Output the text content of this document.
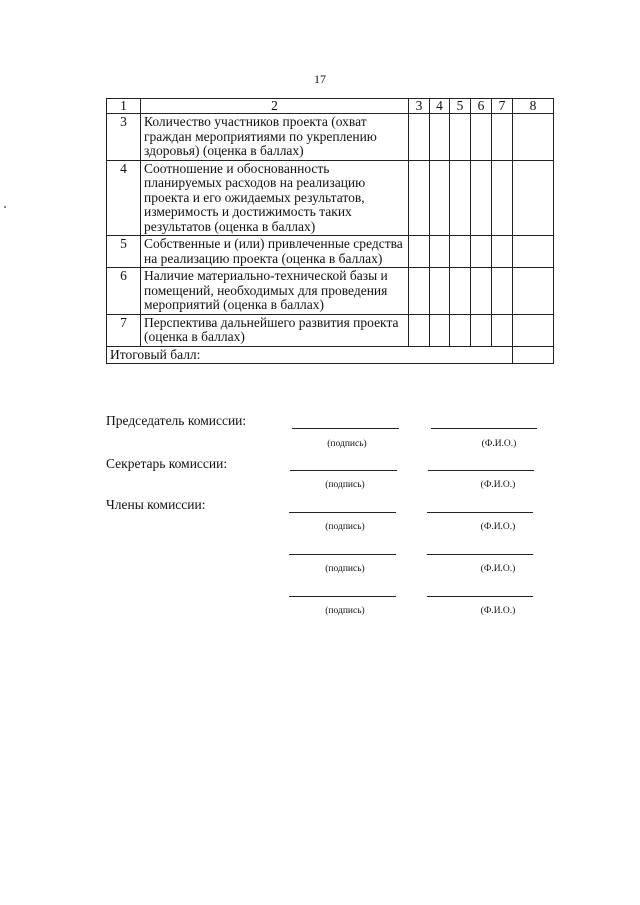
17
1	2	3	4	5	6	7	8
3	Количество участников проекта (охват граждан мероприятиями по укреплению здоровья) (оценка в баллах)						
4	Соотношение и обоснованность планируемых расходов на реализацию проекта и его ожидаемых результатов, измеримость и достижимость таких результатов (оценка в баллах)						
5	Собственные и (или) привлеченные средства на реализацию проекта (оценка в баллах)						
6	Наличие материально-технической базы и помещений, необходимых для проведения мероприятий (оценка в баллах)						
7	Перспектива дальнейшего развития проекта (оценка в баллах)						
Итоговый балл:							
Председатель комиссии:
(подпись)	(Ф.И.О.)
Секретарь комиссии:
(подпись)	(Ф.И.О.)
Члены комиссии:
(подпись)	(Ф.И.О.)
(подпись)	(Ф.И.О.)
(подпись)	(Ф.И.О.)
